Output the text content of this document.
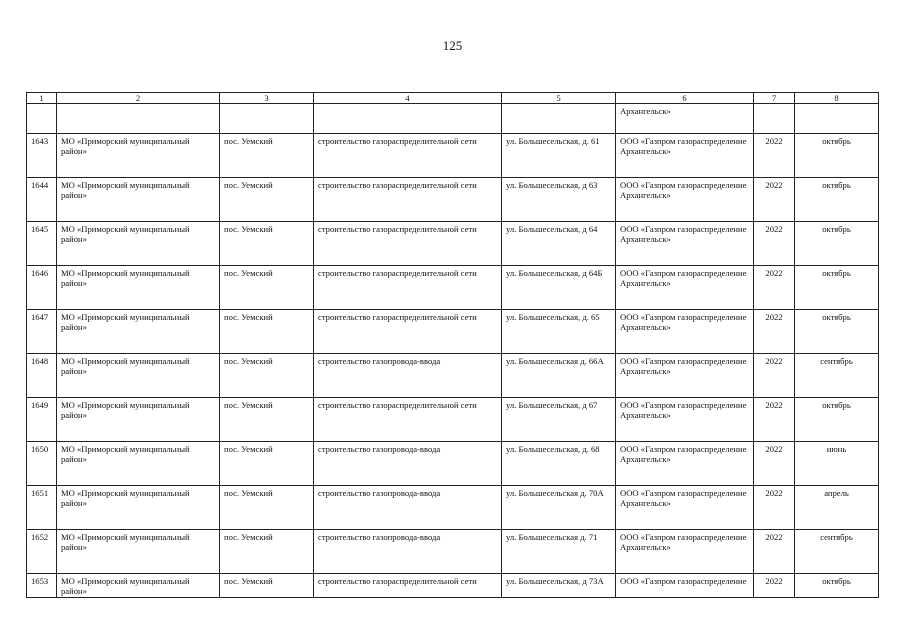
125
1	2	3	4	5	6	7	8
					Архангельск»		
1643	МО «Приморский муниципальный район»	пос. Уемский	строительство газораспределительной сети	ул. Большесельская, д. 61	ООО «Газпром газораспределение Архангельск»	2022	октябрь
1644	МО «Приморский муниципальный район»	пос. Уемский	строительство газораспределительной сети	ул. Большесельская, д 63	ООО «Газпром газораспределение Архангельск»	2022	октябрь
1645	МО «Приморский муниципальный район»	пос. Уемский	строительство газораспределительной сети	ул. Большесельская, д 64	ООО «Газпром газораспределение Архангельск»	2022	октябрь
1646	МО «Приморский муниципальный район»	пос. Уемский	строительство газораспределительной сети	ул. Большесельская, д 64Б	ООО «Газпром газораспределение Архангельск»	2022	октябрь
1647	МО «Приморский муниципальный район»	пос. Уемский	строительство газораспределительной сети	ул. Большесельская, д. 65	ООО «Газпром газораспределение Архангельск»	2022	октябрь
1648	МО «Приморский муниципальный район»	пос. Уемский	строительство газопровода-ввода	ул. Большесельская д. 66А	ООО «Газпром газораспределение Архангельск»	2022	сентябрь
1649	МО «Приморский муниципальный район»	пос. Уемский	строительство газораспределительной сети	ул. Большесельская, д 67	ООО «Газпром газораспределение Архангельск»	2022	октябрь
1650	МО «Приморский муниципальный район»	пос. Уемский	строительство газопровода-ввода	ул. Большесельская, д. 68	ООО «Газпром газораспределение Архангельск»	2022	июнь
1651	МО «Приморский муниципальный район»	пос. Уемский	строительство газопровода-ввода	ул. Большесельская д. 70А	ООО «Газпром газораспределение Архангельск»	2022	апрель
1652	МО «Приморский муниципальный район»	пос. Уемский	строительство газопровода-ввода	ул. Большесельская д. 71	ООО «Газпром газораспределение Архангельск»	2022	сентябрь
1653	МО «Приморский муниципальный район»	пос. Уемский	строительство газораспределительной сети	ул. Большесельская, д 73А	ООО «Газпром газораспределение	2022	октябрь
